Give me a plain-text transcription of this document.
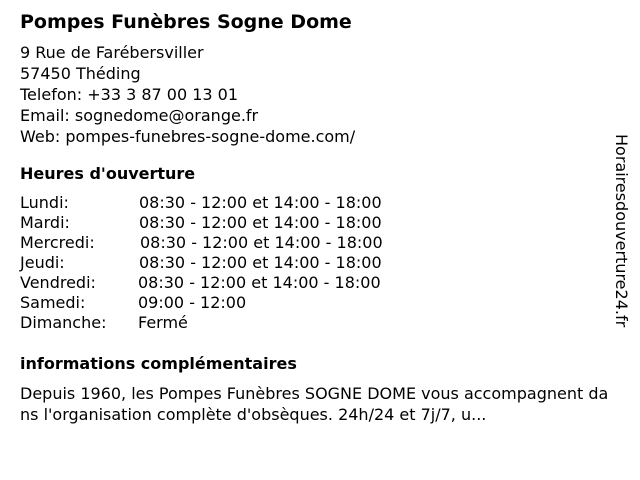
Pompes Funèbres Sogne Dome
9 Rue de Farébersviller
57450 Théding
Telefon: +33 3 87 00 13 01
Email: sognedome@orange.fr
Web: pompes-funebres-sogne-dome.com/
Heures d'ouverture
Lundi:	08:30 - 12:00 et 14:00 - 18:00
Mardi:	08:30 - 12:00 et 14:00 - 18:00
Mercredi:	08:30 - 12:00 et 14:00 - 18:00
Jeudi:	08:30 - 12:00 et 14:00 - 18:00
Vendredi:	08:30 - 12:00 et 14:00 - 18:00
Samedi:	09:00 - 12:00
Dimanche: Fermé
informations complémentaires
Depuis 1960, les Pompes Funèbres SOGNE DOME vous accompagnent dans l'organisation complète d'obsèques. 24h/24 et 7j/7, u...
Horairesdouverture24.fr
